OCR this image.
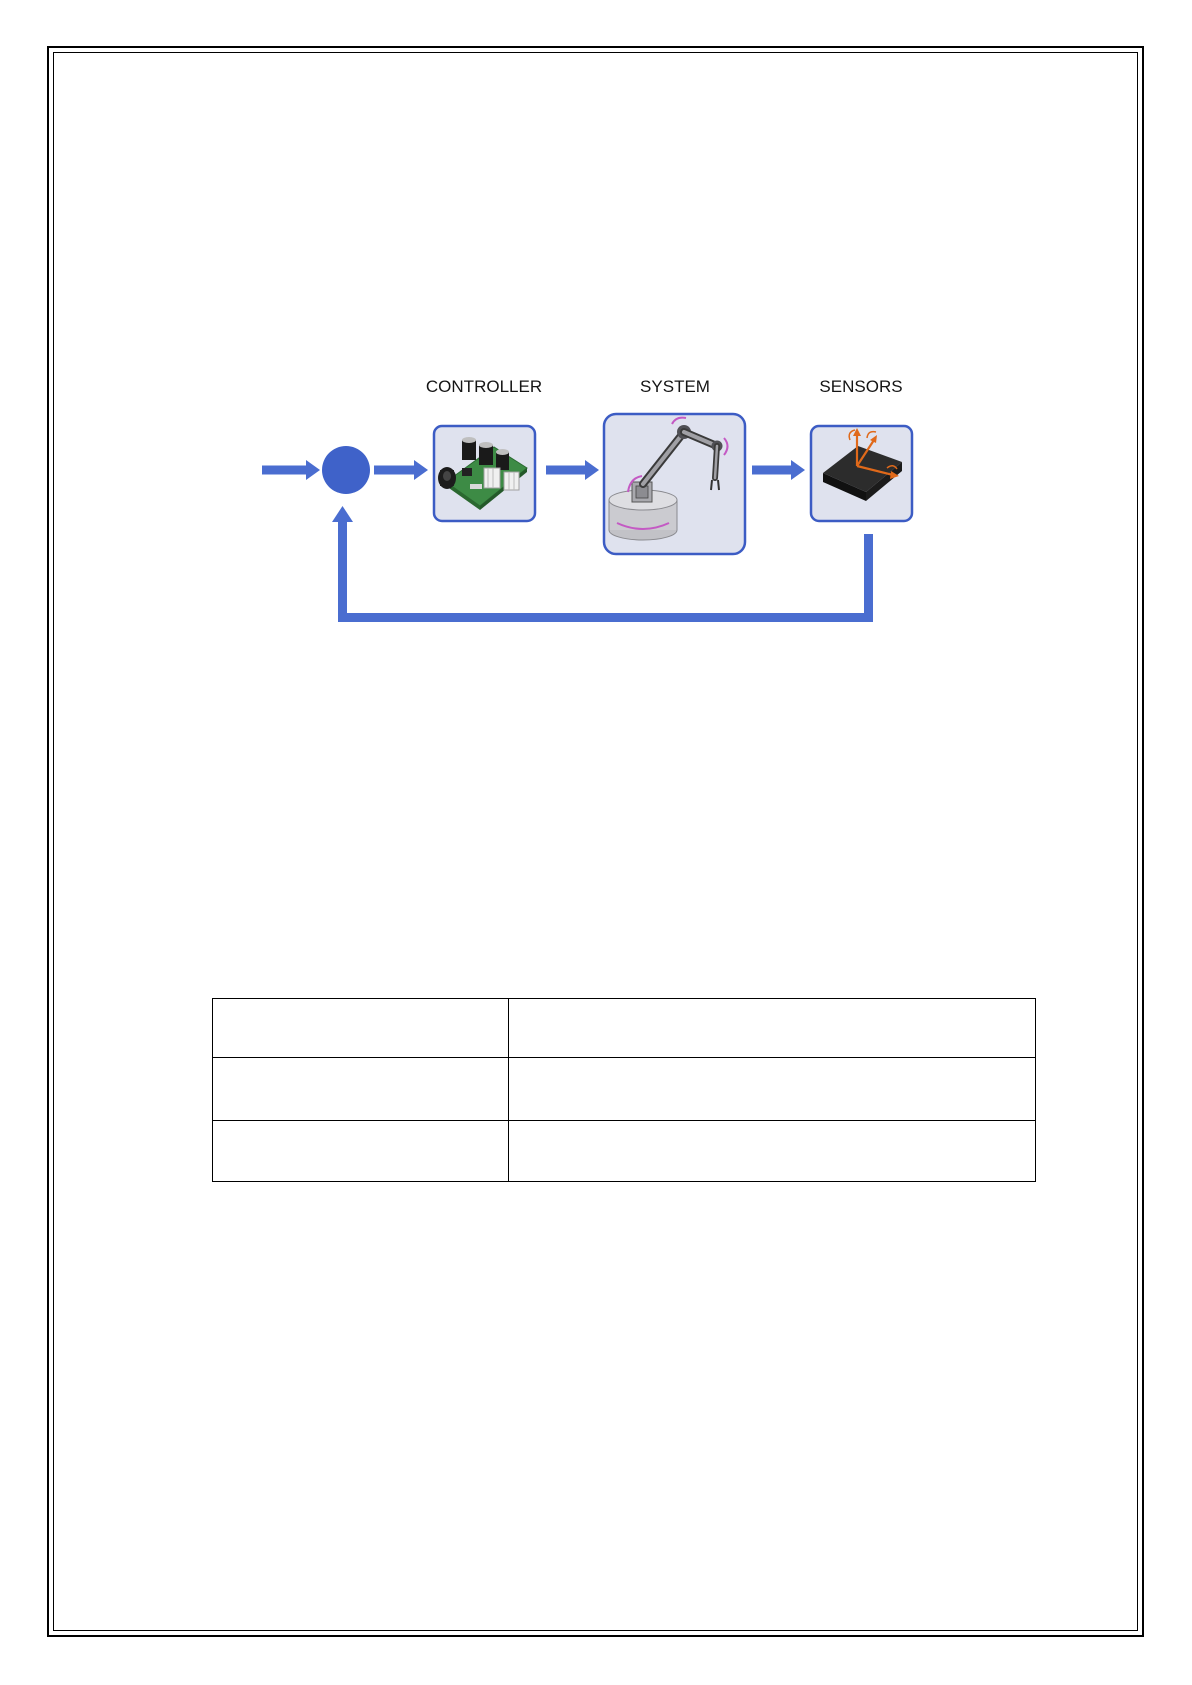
CONTROLLER	SYSTEM	SENSORS
